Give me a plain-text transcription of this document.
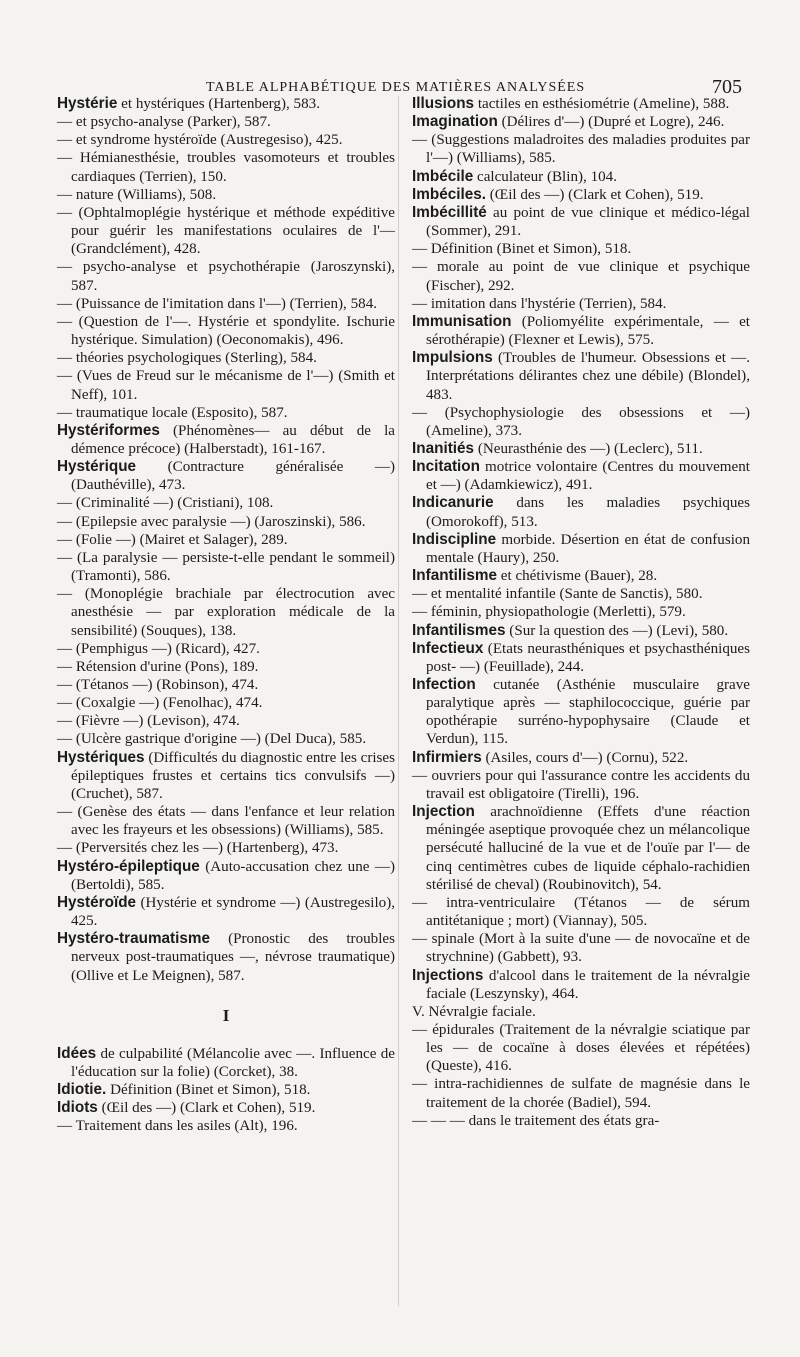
TABLE ALPHABÉTIQUE DES MATIÈRES ANALYSÉES	705

Hystérie et hystériques (Hartenberg), 583.

— et psycho-analyse (Parker), 587.

— et syndrome hystéroïde (Austregesiso), 425.

— Hémianesthésie, troubles vasomoteurs et troubles cardiaques (Terrien), 150.

— nature (Williams), 508.

— (Ophtalmoplégie hystérique et méthode expéditive pour guérir les manifestations oculaires de l'— (Grandclément), 428.

— psycho-analyse et psychothérapie (Jaroszynski), 587.

— (Puissance de l'imitation dans l'—) (Terrien), 584.

— (Question de l'—. Hystérie et spondylite. Ischurie hystérique. Simulation) (Oeconomakis), 496.

— théories psychologiques (Sterling), 584.

— (Vues de Freud sur le mécanisme de l'—) (Smith et Neff), 101.

— traumatique locale (Esposito), 587.

Hystériformes (Phénomènes— au début de la démence précoce) (Halberstadt), 161-167.

Hystérique (Contracture généralisée —) (Dauthéville), 473.

— (Criminalité —) (Cristiani), 108.

— (Epilepsie avec paralysie —) (Jaroszinski), 586.

— (Folie —) (Mairet et Salager), 289.

— (La paralysie — persiste-t-elle pendant le sommeil) (Tramonti), 586.

— (Monoplégie brachiale par électrocution avec anesthésie — par exploration médicale de la sensibilité) (Souques), 138.

— (Pemphigus —) (Ricard), 427.

— Rétension d'urine (Pons), 189.

— (Tétanos —) (Robinson), 474.

— (Coxalgie —) (Fenolhac), 474.

— (Fièvre —) (Levison), 474.

— (Ulcère gastrique d'origine —) (Del Duca), 585.

Hystériques (Difficultés du diagnostic entre les crises épileptiques frustes et certains tics convulsifs —) (Cruchet), 587.

— (Genèse des états — dans l'enfance et leur relation avec les frayeurs et les obsessions) (Williams), 585.

— (Perversités chez les —) (Hartenberg), 473.

Hystéro-épileptique (Auto-accusation chez une —) (Bertoldi), 585.

Hystéroïde (Hystérie et syndrome —) (Austregesilo), 425.

Hystéro-traumatisme (Pronostic des troubles nerveux post-traumatiques —, névrose traumatique) (Ollive et Le Meignen), 587.

I

Idées de culpabilité (Mélancolie avec —. Influence de l'éducation sur la folie) (Corcket), 38.

Idiotie. Définition (Binet et Simon), 518.

Idiots (Œil des —) (Clark et Cohen), 519.

— Traitement dans les asiles (Alt), 196.

Illusions tactiles en esthésiométrie (Ameline), 588.

Imagination (Délires d'—) (Dupré et Logre), 246.

— (Suggestions maladroites des maladies produites par l'—) (Williams), 585.

Imbécile calculateur (Blin), 104.

Imbéciles. (Œil des —) (Clark et Cohen), 519.

Imbécillité au point de vue clinique et médico-légal (Sommer), 291.

— Définition (Binet et Simon), 518.

— morale au point de vue clinique et psychique (Fischer), 292.

— imitation dans l'hystérie (Terrien), 584.

Immunisation (Poliomyélite expérimentale, — et sérothérapie) (Flexner et Lewis), 575.

Impulsions (Troubles de l'humeur. Obsessions et —. Interprétations délirantes chez une débile) (Blondel), 483.

— (Psychophysiologie des obsessions et —) (Ameline), 373.

Inanitiés (Neurasthénie des —) (Leclerc), 511.

Incitation motrice volontaire (Centres du mouvement et —) (Adamkiewicz), 491.

Indicanurie dans les maladies psychiques (Omorokoff), 513.

Indiscipline morbide. Désertion en état de confusion mentale (Haury), 250.

Infantilisme et chétivisme (Bauer), 28.

— et mentalité infantile (Sante de Sanctis), 580.

— féminin, physiopathologie (Merletti), 579.

Infantilismes (Sur la question des —) (Levi), 580.

Infectieux (Etats neurasthéniques et psychasthéniques post- —) (Feuillade), 244.

Infection cutanée (Asthénie musculaire grave paralytique après — staphilococcique, guérie par opothérapie surréno-hypophysaire (Claude et Verdun), 115.

Infirmiers (Asiles, cours d'—) (Cornu), 522.

— ouvriers pour qui l'assurance contre les accidents du travail est obligatoire (Tirelli), 196.

Injection arachnoïdienne (Effets d'une réaction méningée aseptique provoquée chez un mélancolique persécuté halluciné de la vue et de l'ouïe par l'— de cinq centimètres cubes de liquide céphalo-rachidien stérilisé de cheval) (Roubinovitch), 54.

— intra-ventriculaire (Tétanos — de sérum antitétanique ; mort) (Viannay), 505.

— spinale (Mort à la suite d'une — de novocaïne et de strychnine) (Gabbett), 93.

Injections d'alcool dans le traitement de la névralgie faciale (Leszynsky), 464.

V. Névralgie faciale.

— épidurales (Traitement de la névralgie sciatique par les — de cocaïne à doses élevées et répétées) (Queste), 416.

— intra-rachidiennes de sulfate de magnésie dans le traitement de la chorée (Badiel), 594.

— — — dans le traitement des états gra-
